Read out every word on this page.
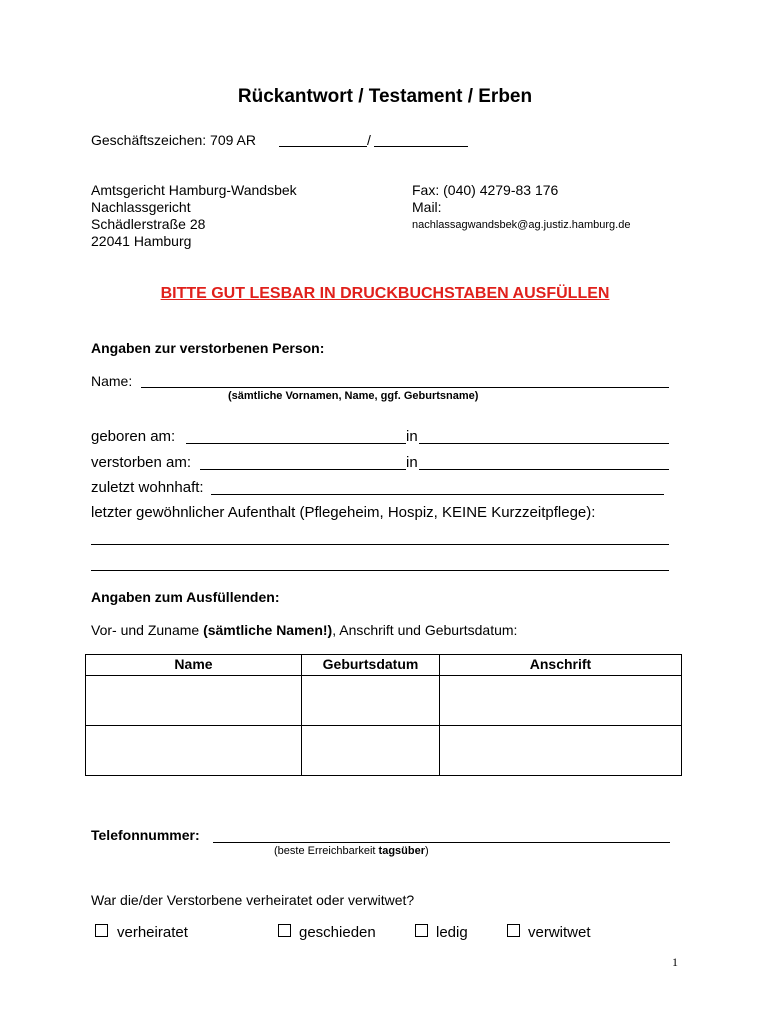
Rückantwort / Testament / Erben
Geschäftszeichen: 709 AR	/
Amtsgericht Hamburg-Wandsbek
Nachlassgericht
Schädlerstraße 28
22041 Hamburg
Fax: (040) 4279-83 176
Mail:
nachlassagwandsbek@ag.justiz.hamburg.de
BITTE GUT LESBAR IN DRUCKBUCHSTABEN AUSFÜLLEN
Angaben zur verstorbenen Person:
Name:
(sämtliche Vornamen, Name, ggf. Geburtsname)
geboren am:	in
verstorben am:	in
zuletzt wohnhaft:
letzter gewöhnlicher Aufenthalt (Pflegeheim, Hospiz, KEINE Kurzzeitpflege):
Angaben zum Ausfüllenden:
Vor- und Zuname (sämtliche Namen!), Anschrift und Geburtsdatum:
Name	Geburtsdatum	Anschrift

Telefonnummer:
(beste Erreichbarkeit tagsüber)
War die/der Verstorbene verheiratet oder verwitwet?
verheiratet	geschieden	ledig	verwitwet
1
